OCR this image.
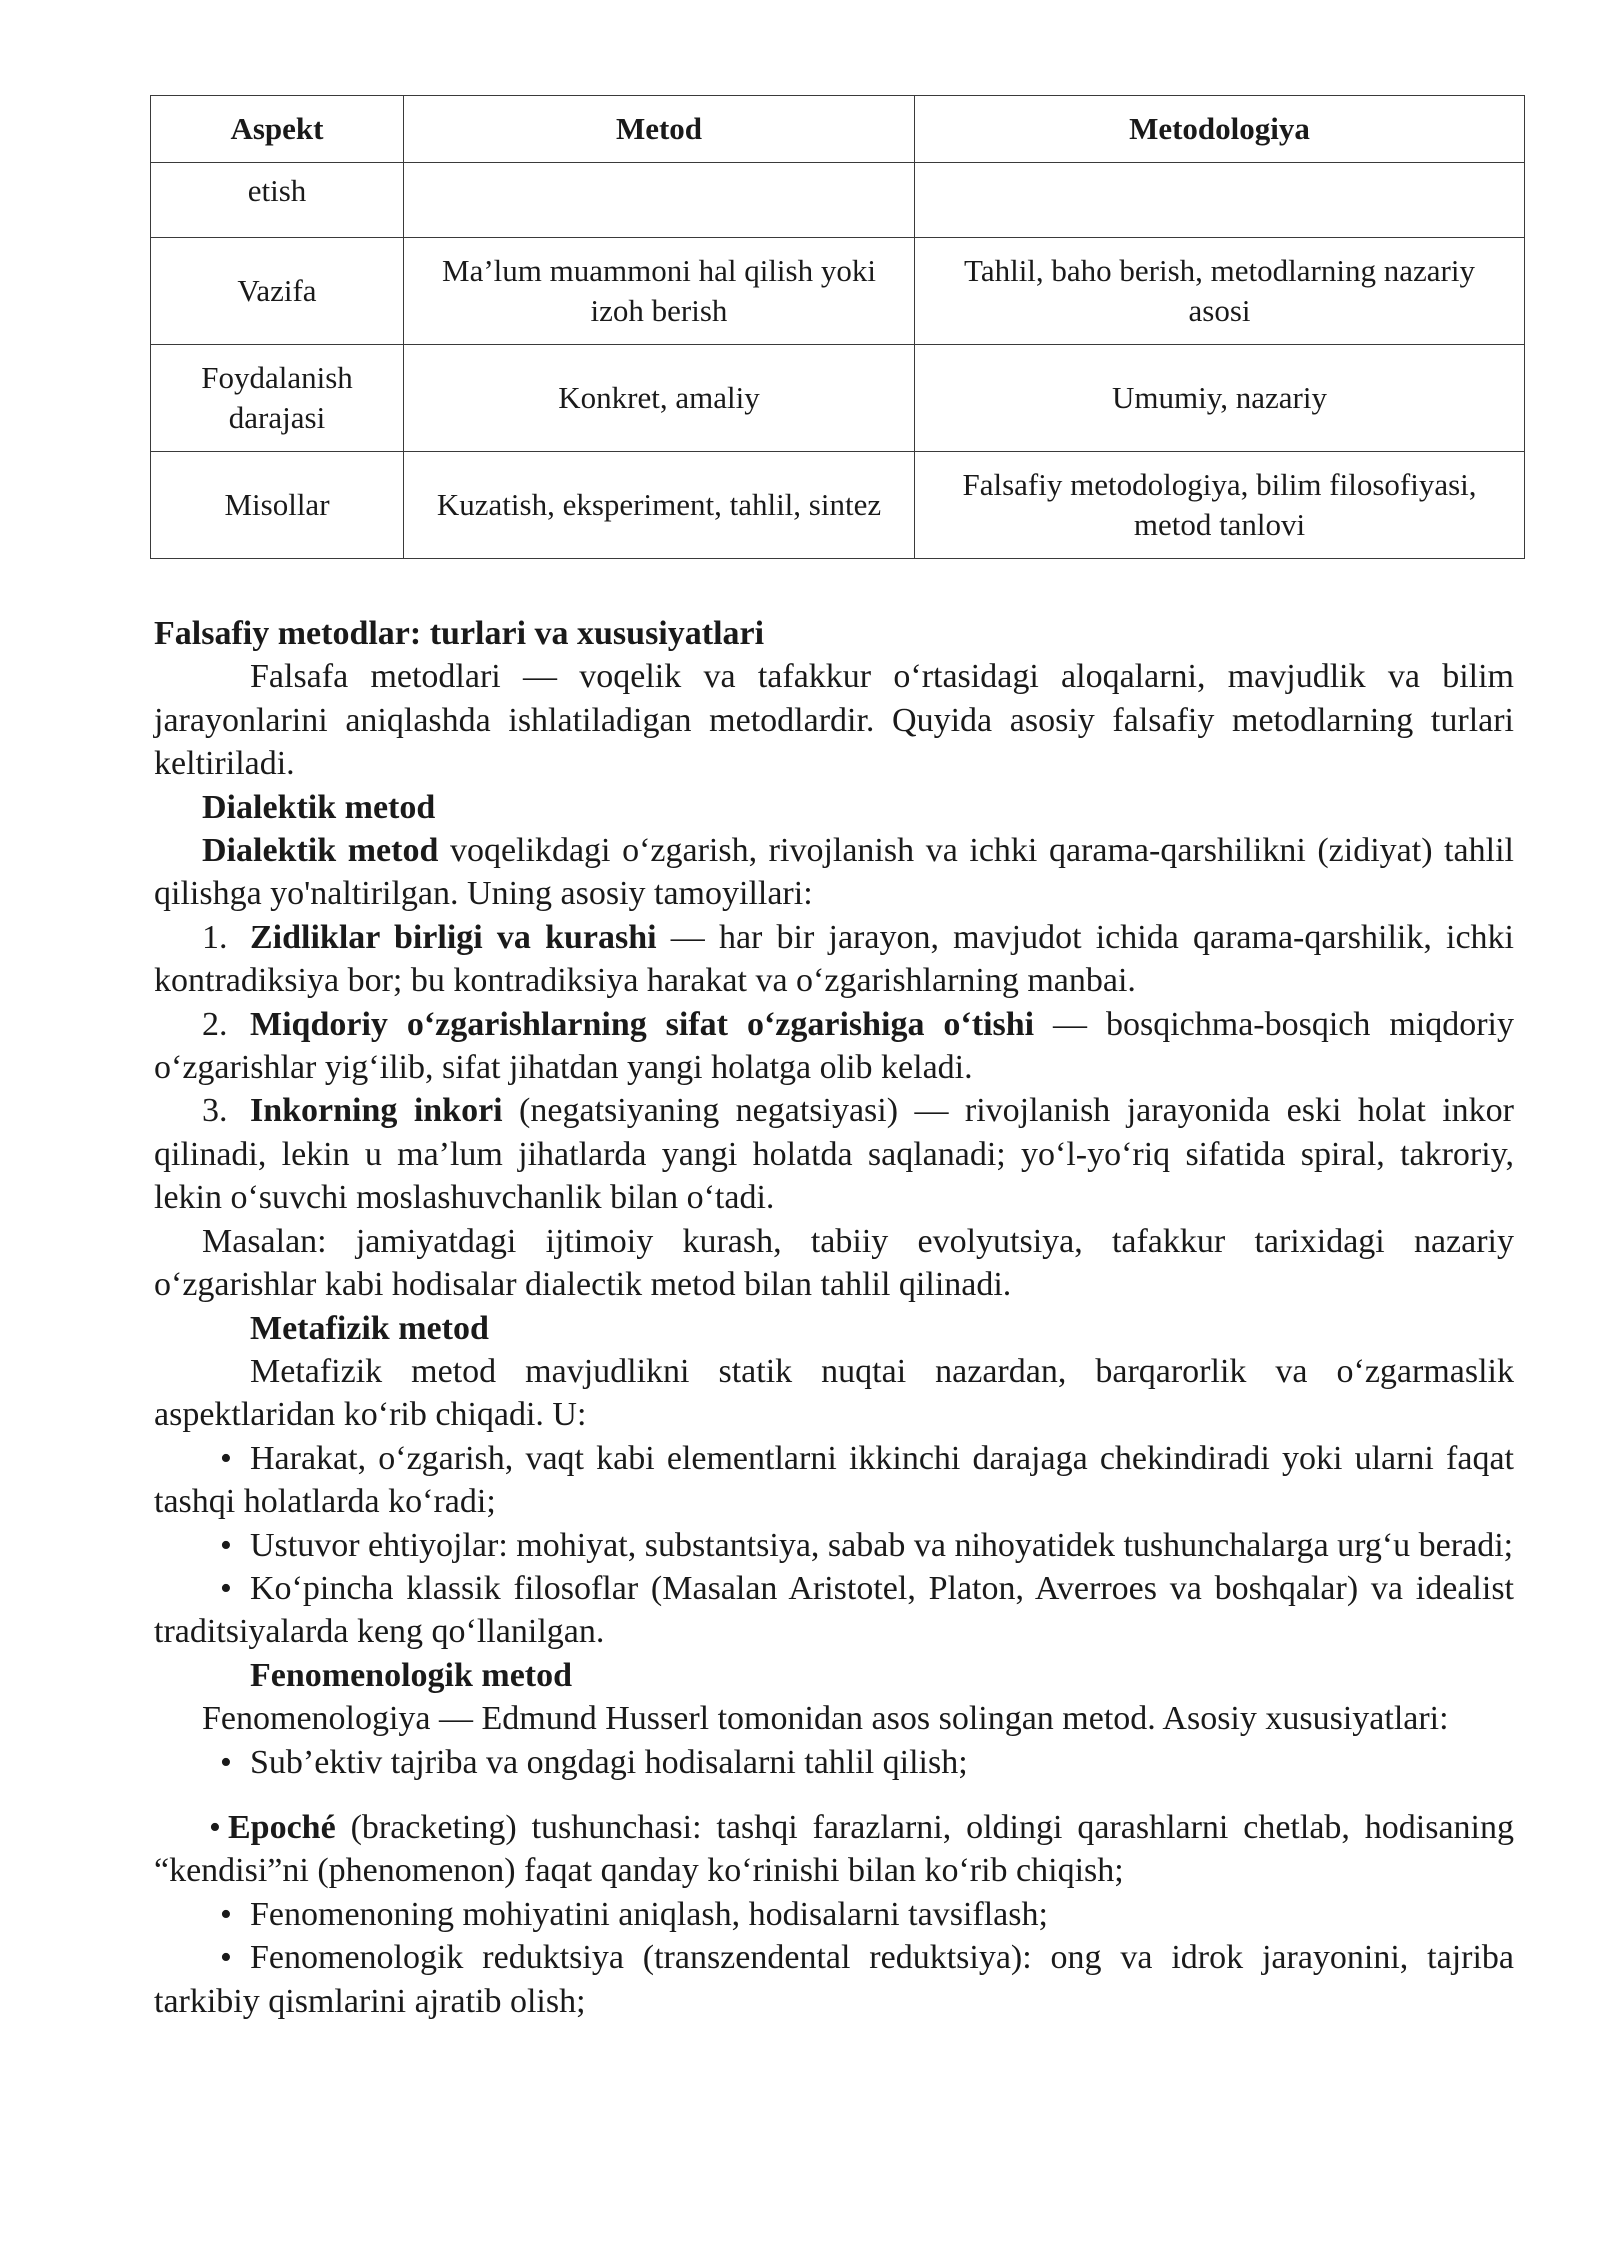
Aspekt	Metod	Metodologiya
etish		
Vazifa	Ma’lum muammoni hal qilish yoki izoh berish	Tahlil, baho berish, metodlarning nazariy asosi
Foydalanish darajasi	Konkret, amaliy	Umumiy, nazariy
Misollar	Kuzatish, eksperiment, tahlil, sintez	Falsafiy metodologiya, bilim filosofiyasi, metod tanlovi

Falsafiy metodlar: turlari va xususiyatlari

Falsafa metodlari — voqelik va tafakkur o‘rtasidagi aloqalarni, mavjudlik va bilim jarayonlarini aniqlashda ishlatiladigan metodlardir. Quyida asosiy falsafiy metodlarning turlari keltiriladi.

Dialektik metod

Dialektik metod voqelikdagi o‘zgarish, rivojlanish va ichki qarama-qarshilikni (zidiyat) tahlil qilishga yo'naltirilgan. Uning asosiy tamoyillari:

1. Zidliklar birligi va kurashi — har bir jarayon, mavjudot ichida qarama-qarshilik, ichki kontradiksiya bor; bu kontradiksiya harakat va o‘zgarishlarning manbai.

2. Miqdoriy o‘zgarishlarning sifat o‘zgarishiga o‘tishi — bosqichma-bosqich miqdoriy o‘zgarishlar yig‘ilib, sifat jihatdan yangi holatga olib keladi.

3. Inkorning inkori (negatsiyaning negatsiyasi) — rivojlanish jarayonida eski holat inkor qilinadi, lekin u ma’lum jihatlarda yangi holatda saqlanadi; yo‘l-yo‘riq sifatida spiral, takroriy, lekin o‘suvchi moslashuvchanlik bilan o‘tadi.

Masalan: jamiyatdagi ijtimoiy kurash, tabiiy evolyutsiya, tafakkur tarixidagi nazariy o‘zgarishlar kabi hodisalar dialectik metod bilan tahlil qilinadi.

Metafizik metod

Metafizik metod mavjudlikni statik nuqtai nazardan, barqarorlik va o‘zgarmaslik aspektlaridan ko‘rib chiqadi. U:

• Harakat, o‘zgarish, vaqt kabi elementlarni ikkinchi darajaga chekindiradi yoki ularni faqat tashqi holatlarda ko‘radi;

• Ustuvor ehtiyojlar: mohiyat, substantsiya, sabab va nihoyatidek tushunchalarga urg‘u beradi;

• Ko‘pincha klassik filosoflar (Masalan Aristotel, Platon, Averroes va boshqalar) va idealist traditsiyalarda keng qo‘llanilgan.

Fenomenologik metod

Fenomenologiya — Edmund Husserl tomonidan asos solingan metod. Asosiy xususiyatlari:

• Sub’ektiv tajriba va ongdagi hodisalarni tahlil qilish;

• Epoché (bracketing) tushunchasi: tashqi farazlarni, oldingi qarashlarni chetlab, hodisaning “kendisi”ni (phenomenon) faqat qanday ko‘rinishi bilan ko‘rib chiqish;

• Fenomenoning mohiyatini aniqlash, hodisalarni tavsiflash;

• Fenomenologik reduktsiya (transzendental reduktsiya): ong va idrok jarayonini, tajriba tarkibiy qismlarini ajratib olish;
